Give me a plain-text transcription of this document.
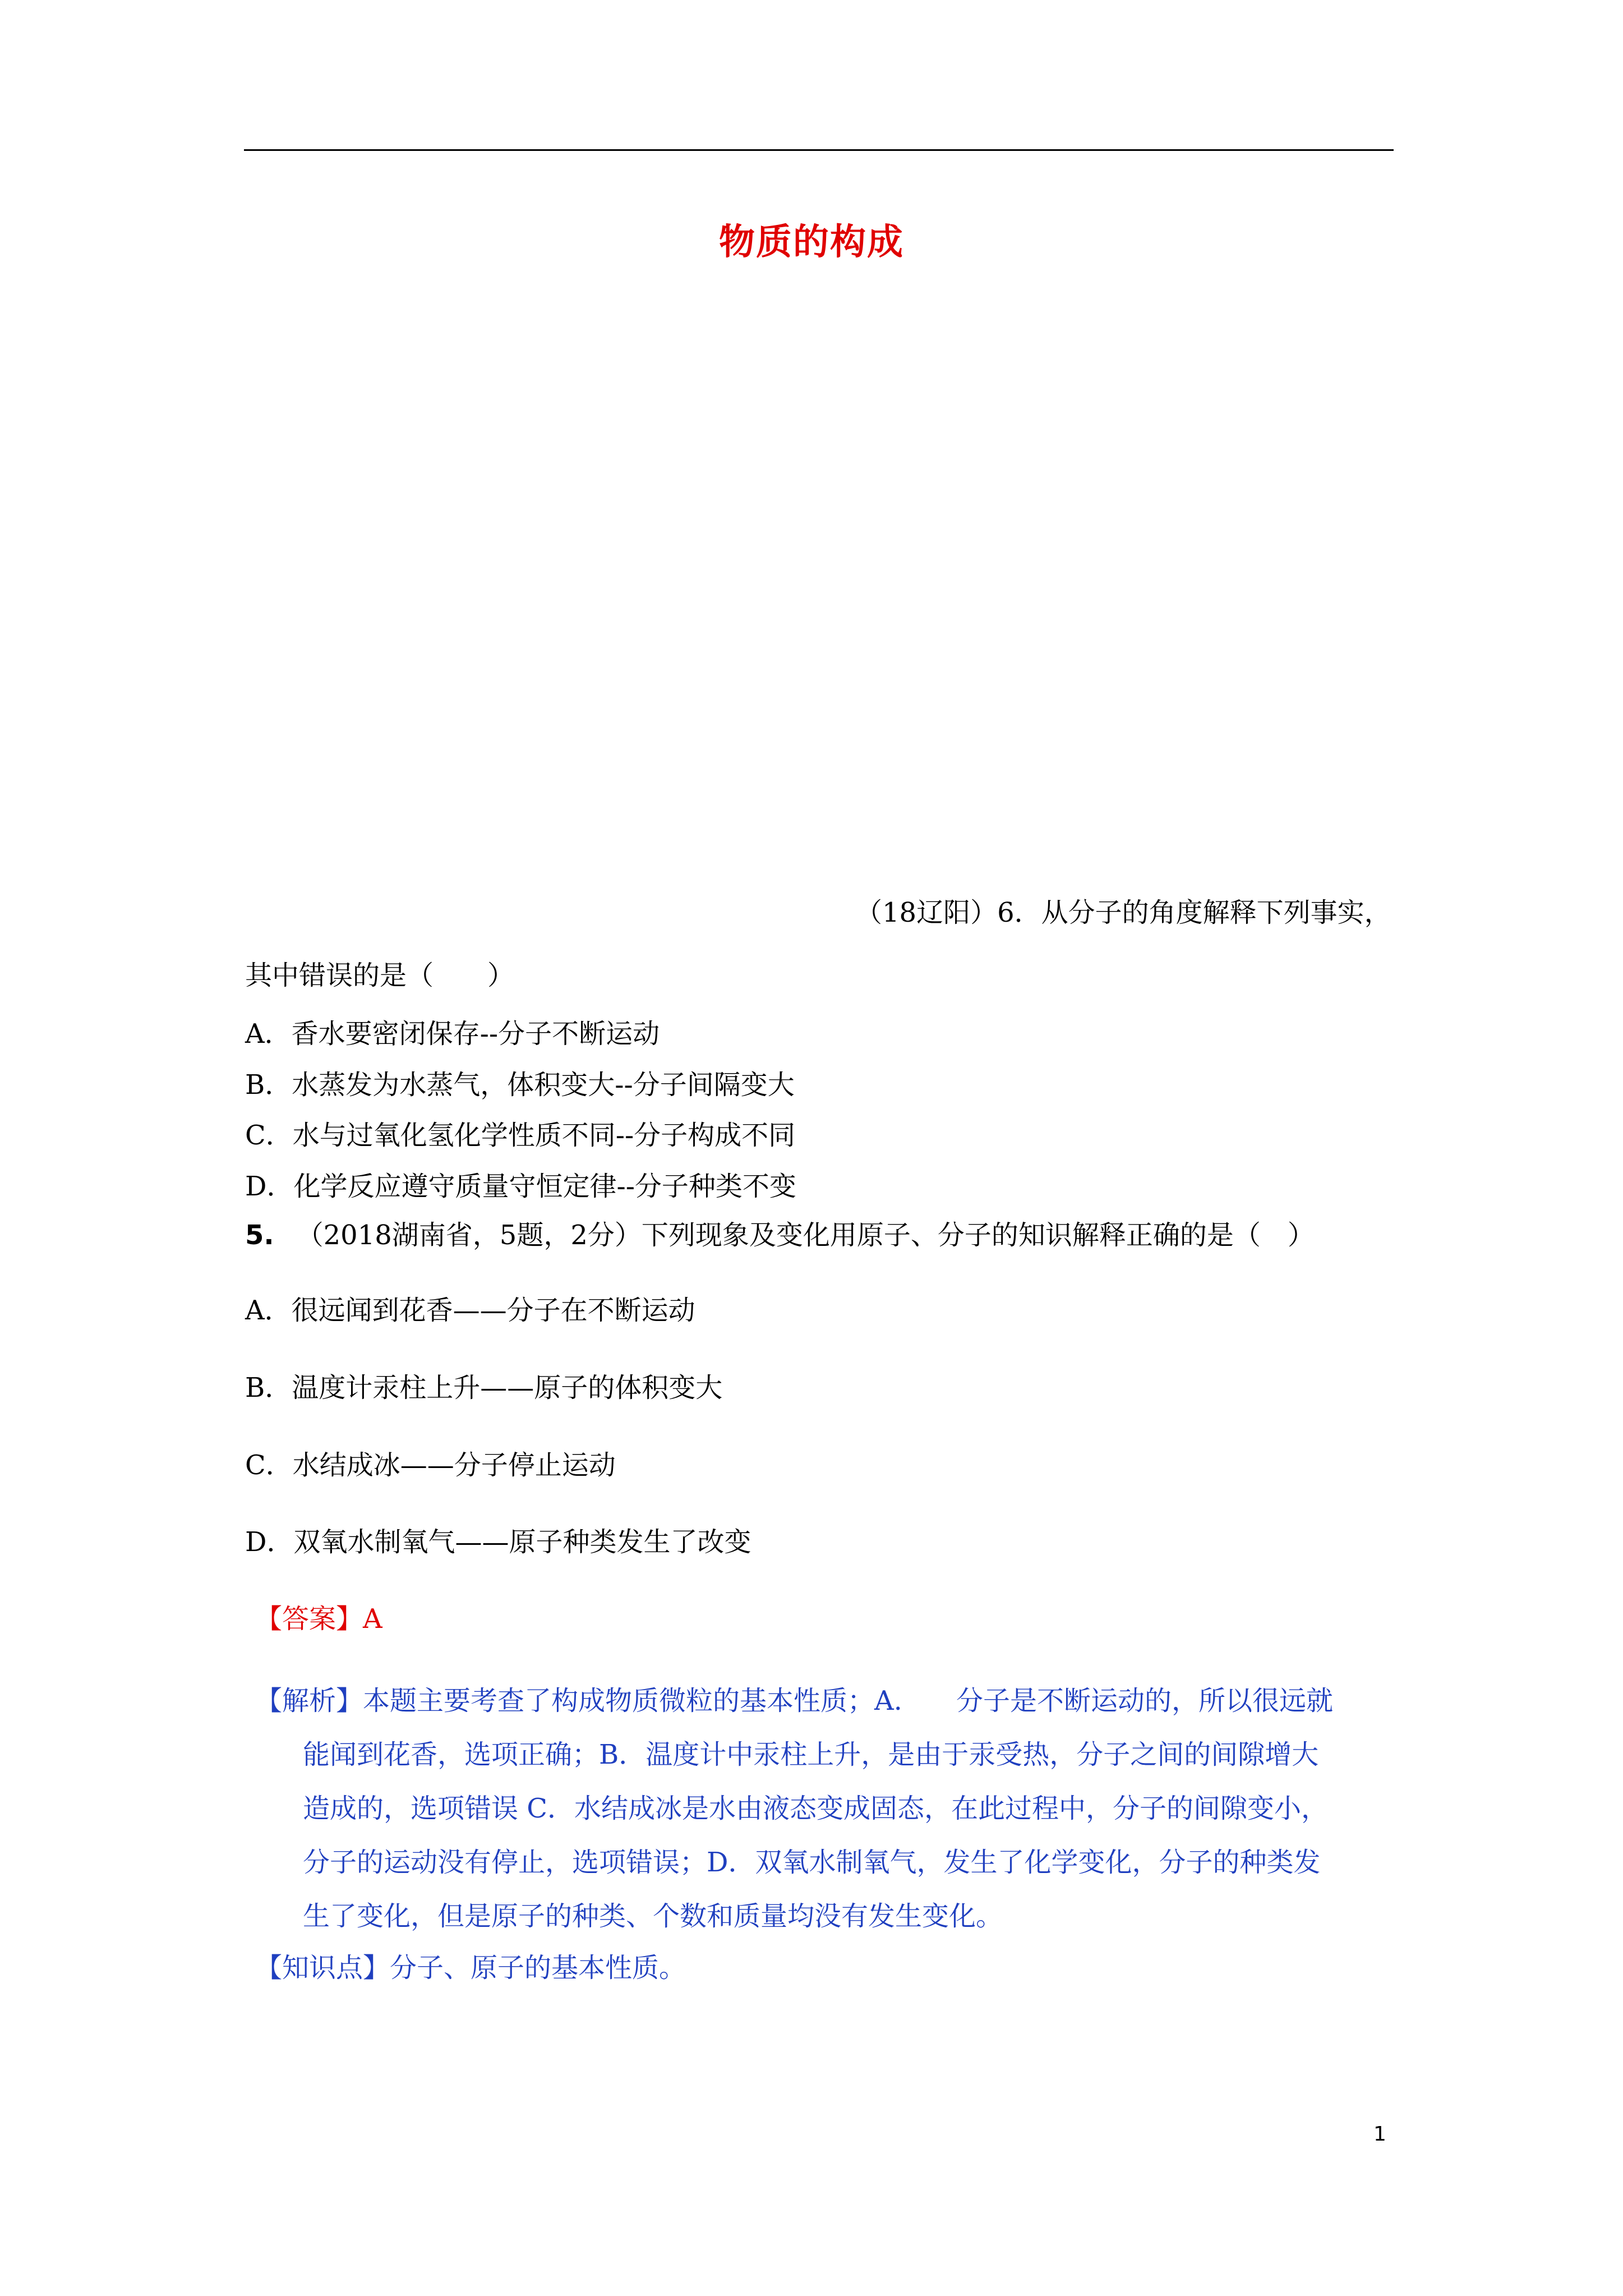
物质的构成
（18辽阳）6．从分子的角度解释下列事实，
其中错误的是（　　）
A．香水要密闭保存--分子不断运动
B．水蒸发为水蒸气，体积变大--分子间隔变大
C．水与过氧化氢化学性质不同--分子构成不同
D．化学反应遵守质量守恒定律--分子种类不变
5. （2018湖南省，5题，2分）下列现象及变化用原子、分子的知识解释正确的是（　）
A．很远闻到花香——分子在不断运动
B．温度计汞柱上升——原子的体积变大
C．水结成冰——分子停止运动
D．双氧水制氧气——原子种类发生了改变
【答案】A
【解析】本题主要考查了构成物质微粒的基本性质；A.　　分子是不断运动的，所以很远就
能闻到花香，选项正确；B．温度计中汞柱上升，是由于汞受热，分子之间的间隙增大
造成的，选项错误 C．水结成冰是水由液态变成固态，在此过程中，分子的间隙变小，
分子的运动没有停止，选项错误；D．双氧水制氧气，发生了化学变化，分子的种类发
生了变化，但是原子的种类、个数和质量均没有发生变化。
【知识点】分子、原子的基本性质。
1
